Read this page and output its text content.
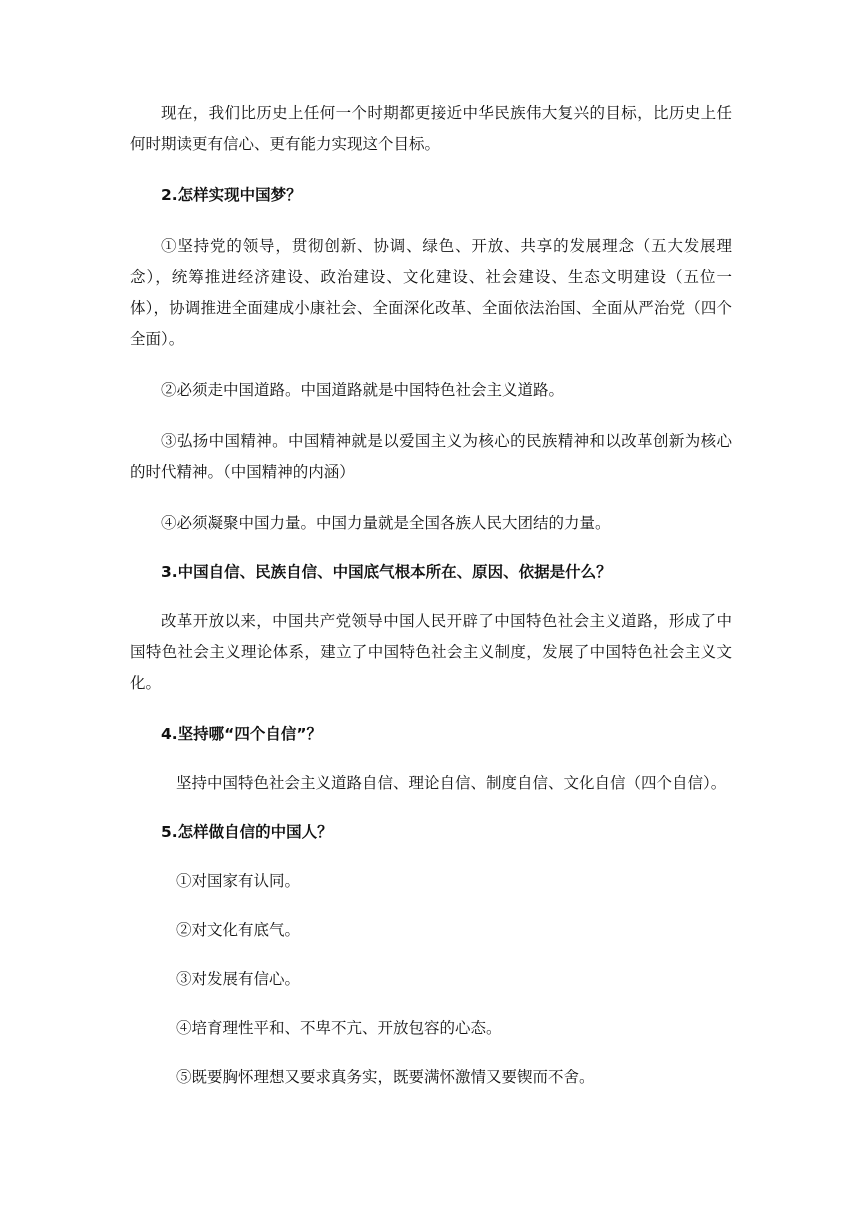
现在，我们比历史上任何一个时期都更接近中华民族伟大复兴的目标，比历史上任何时期读更有信心、更有能力实现这个目标。

2.怎样实现中国梦？

①坚持党的领导，贯彻创新、协调、绿色、开放、共享的发展理念（五大发展理念），统筹推进经济建设、政治建设、文化建设、社会建设、生态文明建设（五位一体），协调推进全面建成小康社会、全面深化改革、全面依法治国、全面从严治党（四个全面）。

②必须走中国道路。中国道路就是中国特色社会主义道路。

③弘扬中国精神。中国精神就是以爱国主义为核心的民族精神和以改革创新为核心的时代精神。（中国精神的内涵）

④必须凝聚中国力量。中国力量就是全国各族人民大团结的力量。

3.中国自信、民族自信、中国底气根本所在、原因、依据是什么？

改革开放以来，中国共产党领导中国人民开辟了中国特色社会主义道路，形成了中国特色社会主义理论体系，建立了中国特色社会主义制度，发展了中国特色社会主义文化。

4.坚持哪“四个自信”？

坚持中国特色社会主义道路自信、理论自信、制度自信、文化自信（四个自信）。

5.怎样做自信的中国人？

①对国家有认同。

②对文化有底气。

③对发展有信心。

④培育理性平和、不卑不亢、开放包容的心态。

⑤既要胸怀理想又要求真务实，既要满怀激情又要锲而不舍。
